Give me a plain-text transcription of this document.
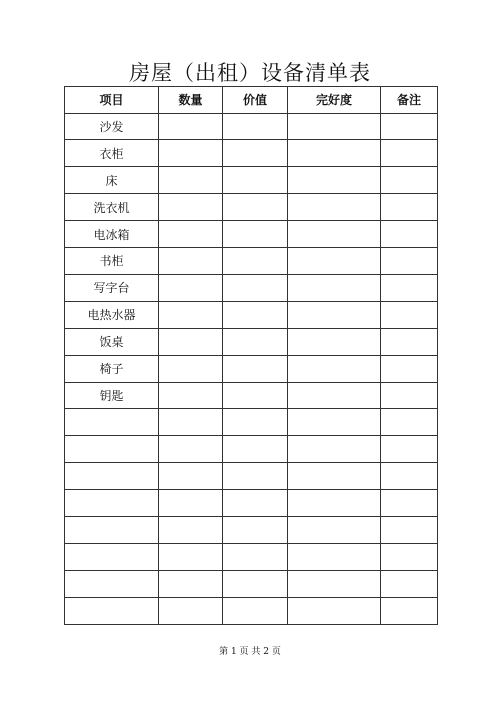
房屋（出租）设备清单表
项目	数量	价值	完好度	备注
沙发				
衣柜				
床				
洗衣机				
电冰箱				
书柜				
写字台				
电热水器				
饭桌				
椅子				
钥匙				

第 1 页 共 2 页
